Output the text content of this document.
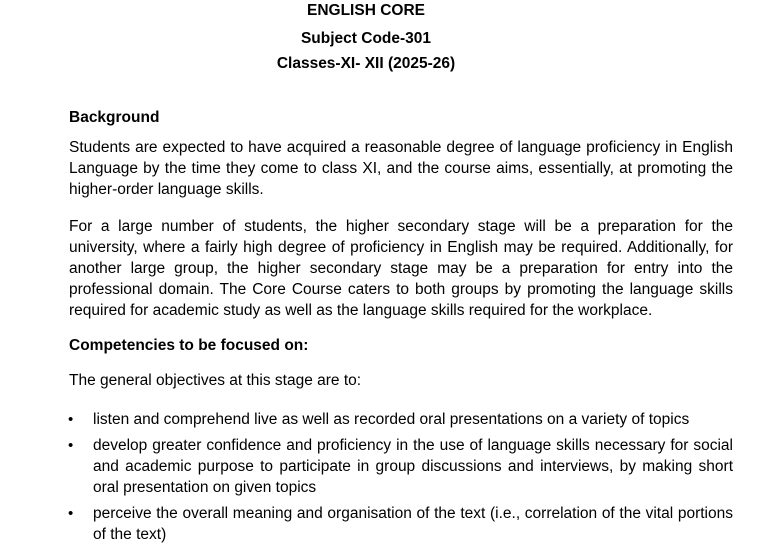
ENGLISH CORE
Subject Code-301
Classes-XI- XII (2025-26)
Background
Students are expected to have acquired a reasonable degree of language proficiency in English Language by the time they come to class XI, and the course aims, essentially, at promoting the higher-order language skills.
For a large number of students, the higher secondary stage will be a preparation for the university, where a fairly high degree of proficiency in English may be required. Additionally, for another large group, the higher secondary stage may be a preparation for entry into the professional domain. The Core Course caters to both groups by promoting the language skills required for academic study as well as the language skills required for the workplace.
Competencies to be focused on:
The general objectives at this stage are to:
• listen and comprehend live as well as recorded oral presentations on a variety of topics
• develop greater confidence and proficiency in the use of language skills necessary for social and academic purpose to participate in group discussions and interviews, by making short oral presentation on given topics
• perceive the overall meaning and organisation of the text (i.e., correlation of the vital portions of the text)
